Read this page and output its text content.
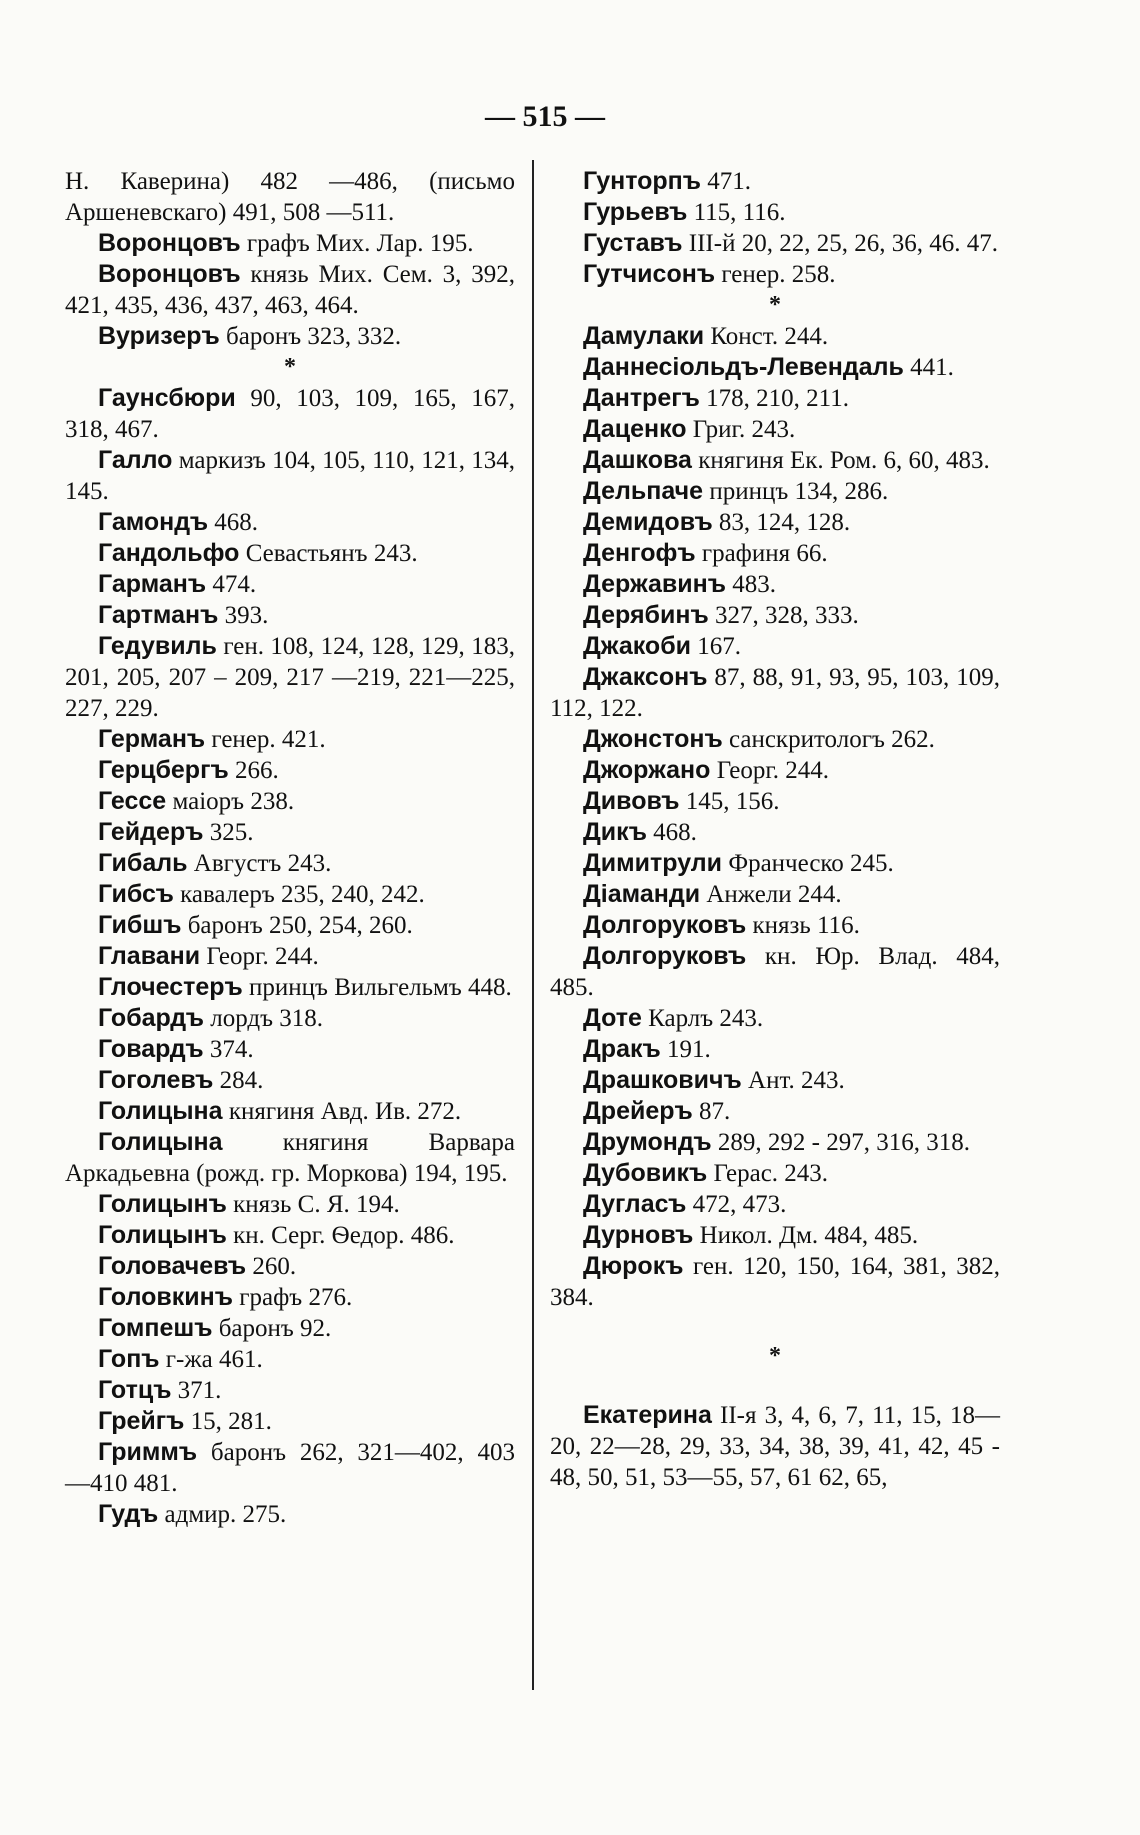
— 515 —
Н. Каверина) 482 —486, (письмо Аршеневскаго) 491, 508 —511.
Воронцовъ графъ Мих. Лар. 195.
Воронцовъ князь Мих. Сем. 3, 392, 421, 435, 436, 437, 463, 464.
Вуризеръ баронъ 323, 332.
*
Гаунсбюри 90, 103, 109, 165, 167, 318, 467.
Галло маркизъ 104, 105, 110, 121, 134, 145.
Гамондъ 468.
Гандольфо Севастьянъ 243.
Гарманъ 474.
Гартманъ 393.
Гедувиль ген. 108, 124, 128, 129, 183, 201, 205, 207 – 209, 217 —219, 221—225, 227, 229.
Германъ генер. 421.
Герцбергъ 266.
Гессе маіоръ 238.
Гейдеръ 325.
Гибаль Августъ 243.
Гибсъ кавалеръ 235, 240, 242.
Гибшъ баронъ 250, 254, 260.
Главани Георг. 244.
Глочестеръ принцъ Вильгельмъ 448.
Гобардъ лордъ 318.
Говардъ 374.
Гоголевъ 284.
Голицына княгиня Авд. Ив. 272.
Голицына княгиня Варвара Аркадьевна (рожд. гр. Моркова) 194, 195.
Голицынъ князь С. Я. 194.
Голицынъ кн. Серг. Ѳедор. 486.
Головачевъ 260.
Головкинъ графъ 276.
Гомпешъ баронъ 92.
Гопъ г-жа 461.
Готцъ 371.
Грейгъ 15, 281.
Гриммъ баронъ 262, 321—402, 403 —410 481.
Гудъ адмир. 275.
Гунторпъ 471.
Гурьевъ 115, 116.
Густавъ III-й 20, 22, 25, 26, 36, 46. 47.
Гутчисонъ генер. 258.
*
Дамулаки Конст. 244.
Даннесiольдъ-Левендаль 441.
Дантрегъ 178, 210, 211.
Даценко Григ. 243.
Дашкова княгиня Ек. Ром. 6, 60, 483.
Дельпаче принцъ 134, 286.
Демидовъ 83, 124, 128.
Денгофъ графиня 66.
Державинъ 483.
Дерябинъ 327, 328, 333.
Джакоби 167.
Джаксонъ 87, 88, 91, 93, 95, 103, 109, 112, 122.
Джонстонъ санскритологъ 262.
Джоржано Георг. 244.
Дивовъ 145, 156.
Дикъ 468.
Димитрули Франческо 245.
Дiаманди Анжели 244.
Долгоруковъ князь 116.
Долгоруковъ кн. Юр. Влад. 484, 485.
Доте Карлъ 243.
Дракъ 191.
Драшковичъ Ант. 243.
Дрейеръ 87.
Друмондъ 289, 292 - 297, 316, 318.
Дубовикъ Герас. 243.
Дугласъ 472, 473.
Дурновъ Никол. Дм. 484, 485.
Дюрокъ ген. 120, 150, 164, 381, 382, 384.
*
Екатерина II-я 3, 4, 6, 7, 11, 15, 18—20, 22—28, 29, 33, 34, 38, 39, 41, 42, 45 - 48, 50, 51, 53—55, 57, 61 62, 65,
